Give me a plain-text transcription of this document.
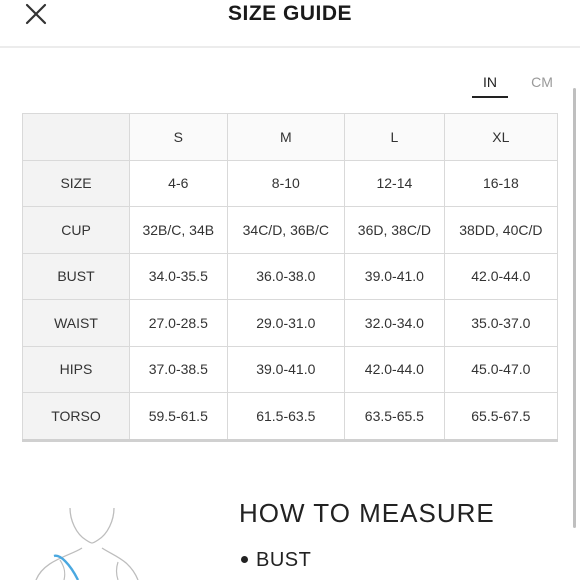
SIZE GUIDE
IN	CM
	S	M	L	XL
SIZE	4-6	8-10	12-14	16-18
CUP	32B/C, 34B	34C/D, 36B/C	36D, 38C/D	38DD, 40C/D
BUST	34.0-35.5	36.0-38.0	39.0-41.0	42.0-44.0
WAIST	27.0-28.5	29.0-31.0	32.0-34.0	35.0-37.0
HIPS	37.0-38.5	39.0-41.0	42.0-44.0	45.0-47.0
TORSO	59.5-61.5	61.5-63.5	63.5-65.5	65.5-67.5
HOW TO MEASURE
BUST
